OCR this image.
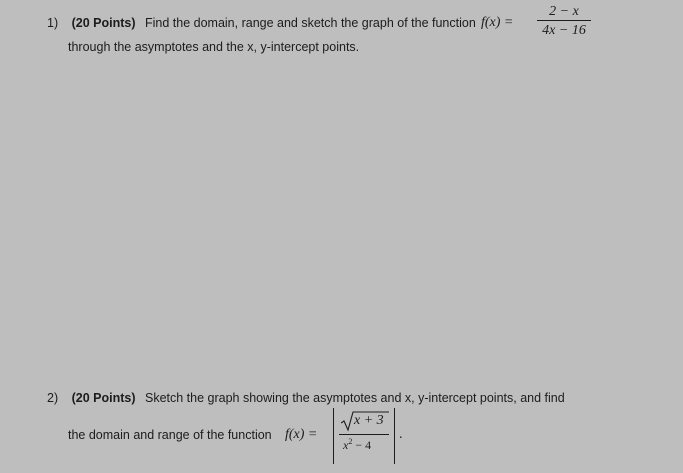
1) (20 Points) Find the domain, range and sketch the graph of the function f(x) =
2 − x
4x − 16
through the asymptotes and the x, y-intercept points.
2) (20 Points) Sketch the graph showing the asymptotes and x, y-intercept points, and find
the domain and range of the function f(x) =
x + 3
$x^2 - 4$
.
